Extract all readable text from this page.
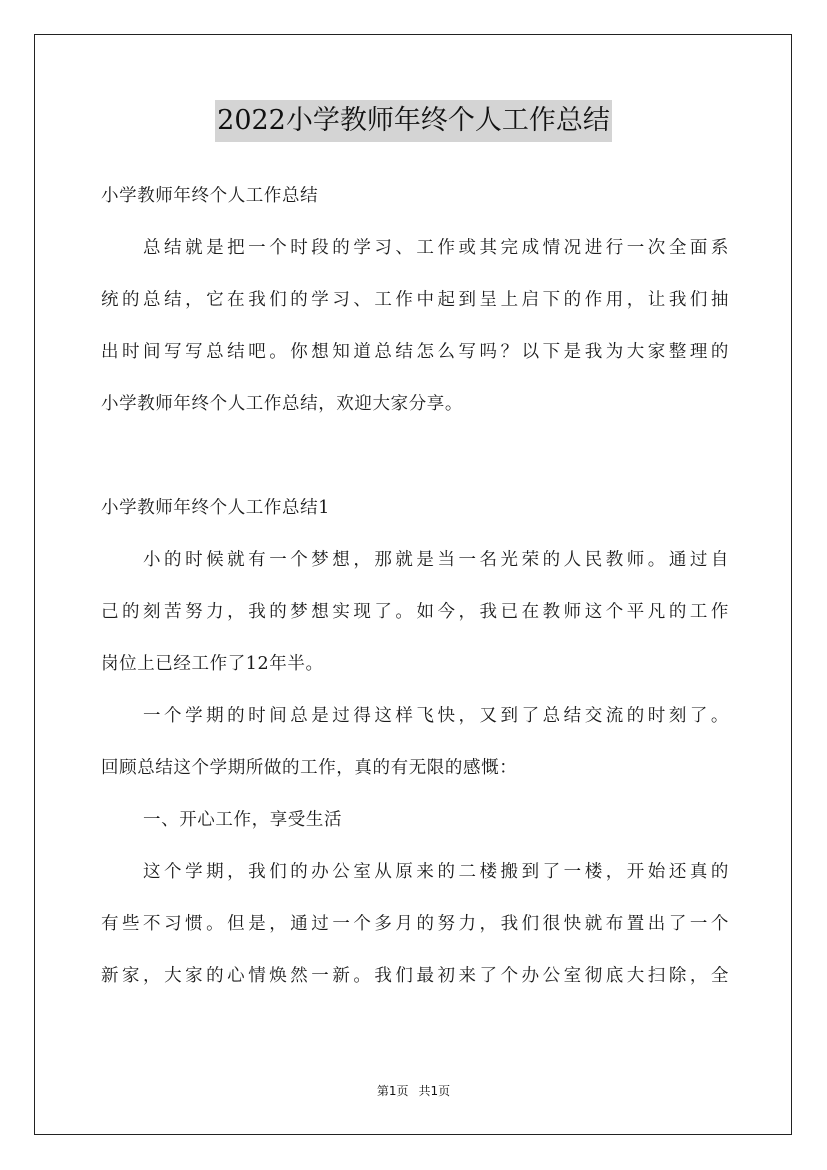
2022小学教师年终个人工作总结
小学教师年终个人工作总结
总结就是把一个时段的学习、工作或其完成情况进行一次全面系
统的总结，它在我们的学习、工作中起到呈上启下的作用，让我们抽
出时间写写总结吧。你想知道总结怎么写吗？以下是我为大家整理的
小学教师年终个人工作总结，欢迎大家分享。
小学教师年终个人工作总结1
小的时候就有一个梦想，那就是当一名光荣的人民教师。通过自
己的刻苦努力，我的梦想实现了。如今，我已在教师这个平凡的工作
岗位上已经工作了12年半。
一个学期的时间总是过得这样飞快，又到了总结交流的时刻了。
回顾总结这个学期所做的工作，真的有无限的感慨：
一、开心工作，享受生活
这个学期，我们的办公室从原来的二楼搬到了一楼，开始还真的
有些不习惯。但是，通过一个多月的努力，我们很快就布置出了一个
新家，大家的心情焕然一新。我们最初来了个办公室彻底大扫除，全
第1页 共1页
